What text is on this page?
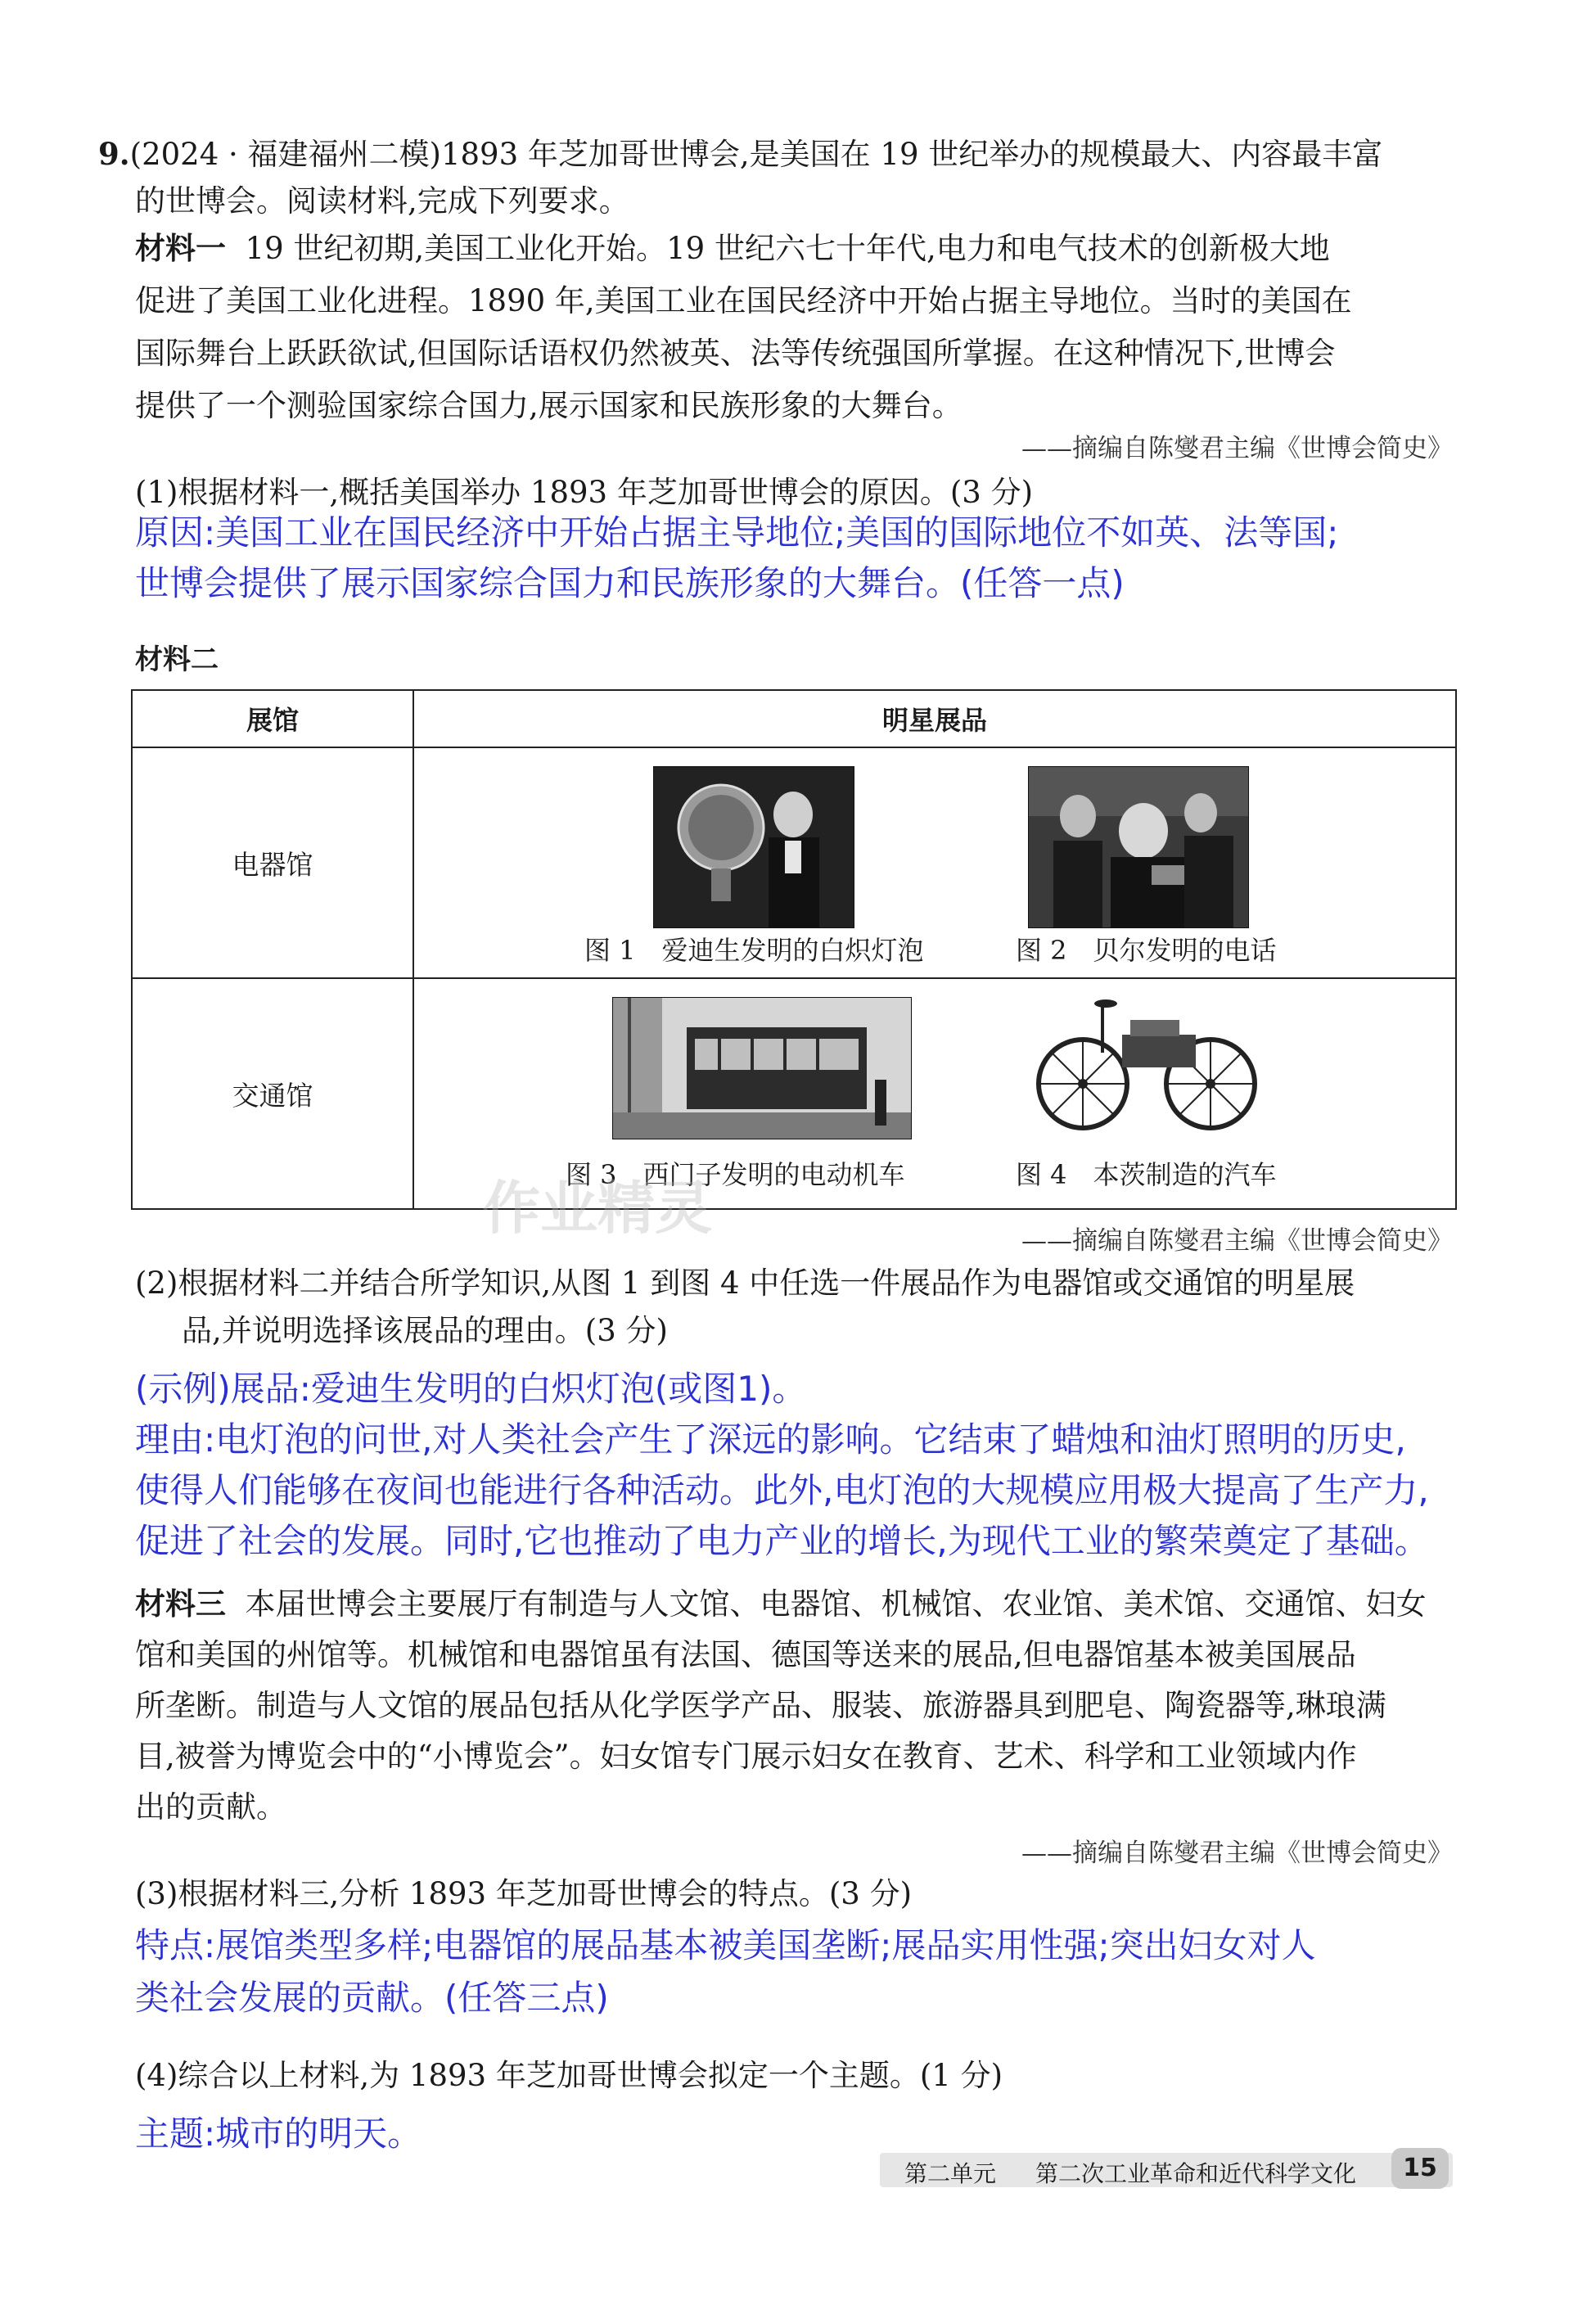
9.(2024 · 福建福州二模)1893 年芝加哥世博会,是美国在 19 世纪举办的规模最大、内容最丰富
的世博会。阅读材料,完成下列要求。
材料一 19 世纪初期,美国工业化开始。19 世纪六七十年代,电力和电气技术的创新极大地
促进了美国工业化进程。1890 年,美国工业在国民经济中开始占据主导地位。当时的美国在
国际舞台上跃跃欲试,但国际话语权仍然被英、法等传统强国所掌握。在这种情况下,世博会
提供了一个测验国家综合国力,展示国家和民族形象的大舞台。
——摘编自陈燮君主编《世博会简史》
(1)根据材料一,概括美国举办 1893 年芝加哥世博会的原因。(3 分)
原因:美国工业在国民经济中开始占据主导地位;美国的国际地位不如英、法等国;
世博会提供了展示国家综合国力和民族形象的大舞台。(任答一点)
材料二
展馆	明星展品
电器馆	图 1　爱迪生发明的白炽灯泡 图 2　贝尔发明的电话

交通馆	图 3　西门子发明的电动机车 图 4　本茨制造的汽车
作业精灵	——摘编自陈燮君主编《世博会简史》
(2)根据材料二并结合所学知识,从图 1 到图 4 中任选一件展品作为电器馆或交通馆的明星展
品,并说明选择该展品的理由。(3 分)
(示例)展品:爱迪生发明的白炽灯泡(或图1)。
理由:电灯泡的问世,对人类社会产生了深远的影响。它结束了蜡烛和油灯照明的历史,
使得人们能够在夜间也能进行各种活动。此外,电灯泡的大规模应用极大提高了生产力,
促进了社会的发展。同时,它也推动了电力产业的增长,为现代工业的繁荣奠定了基础。
材料三 本届世博会主要展厅有制造与人文馆、电器馆、机械馆、农业馆、美术馆、交通馆、妇女
馆和美国的州馆等。机械馆和电器馆虽有法国、德国等送来的展品,但电器馆基本被美国展品
所垄断。制造与人文馆的展品包括从化学医学产品、服装、旅游器具到肥皂、陶瓷器等,琳琅满
目,被誉为博览会中的“小博览会”。妇女馆专门展示妇女在教育、艺术、科学和工业领域内作
出的贡献。
——摘编自陈燮君主编《世博会简史》
(3)根据材料三,分析 1893 年芝加哥世博会的特点。(3 分)
特点:展馆类型多样;电器馆的展品基本被美国垄断;展品实用性强;突出妇女对人
类社会发展的贡献。(任答三点)
(4)综合以上材料,为 1893 年芝加哥世博会拟定一个主题。(1 分)
主题:城市的明天。
第二单元 第二次工业革命和近代科学文化	15
